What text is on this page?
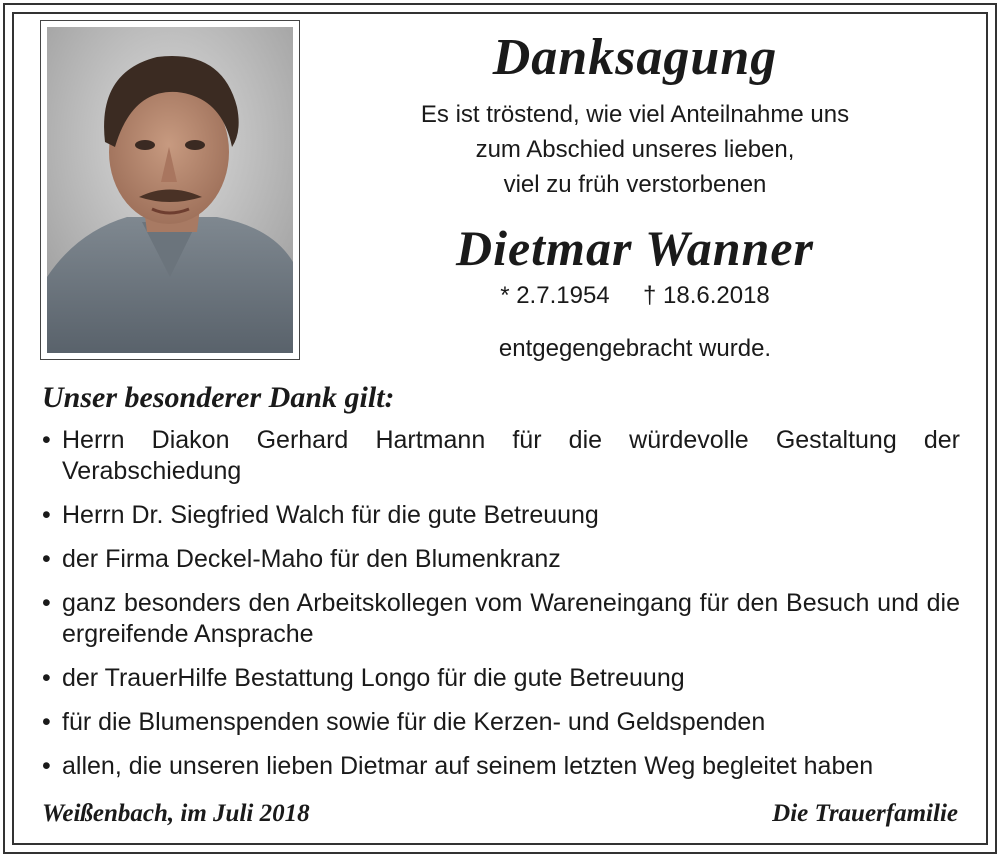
Danksagung
Es ist tröstend, wie viel Anteilnahme uns
zum Abschied unseres lieben,
viel zu früh verstorbenen
Dietmar Wanner
* 2.7.1954 † 18.6.2018
entgegengebracht wurde.
Unser besonderer Dank gilt:
• Herrn Diakon Gerhard Hartmann für die würdevolle Gestaltung der Verabschiedung
• Herrn Dr. Siegfried Walch für die gute Betreuung
• der Firma Deckel-Maho für den Blumenkranz
• ganz besonders den Arbeitskollegen vom Wareneingang für den Besuch und die ergreifende Ansprache
• der TrauerHilfe Bestattung Longo für die gute Betreuung
• für die Blumenspenden sowie für die Kerzen- und Geldspenden
• allen, die unseren lieben Dietmar auf seinem letzten Weg begleitet haben
Weißenbach, im Juli 2018	Die Trauerfamilie
